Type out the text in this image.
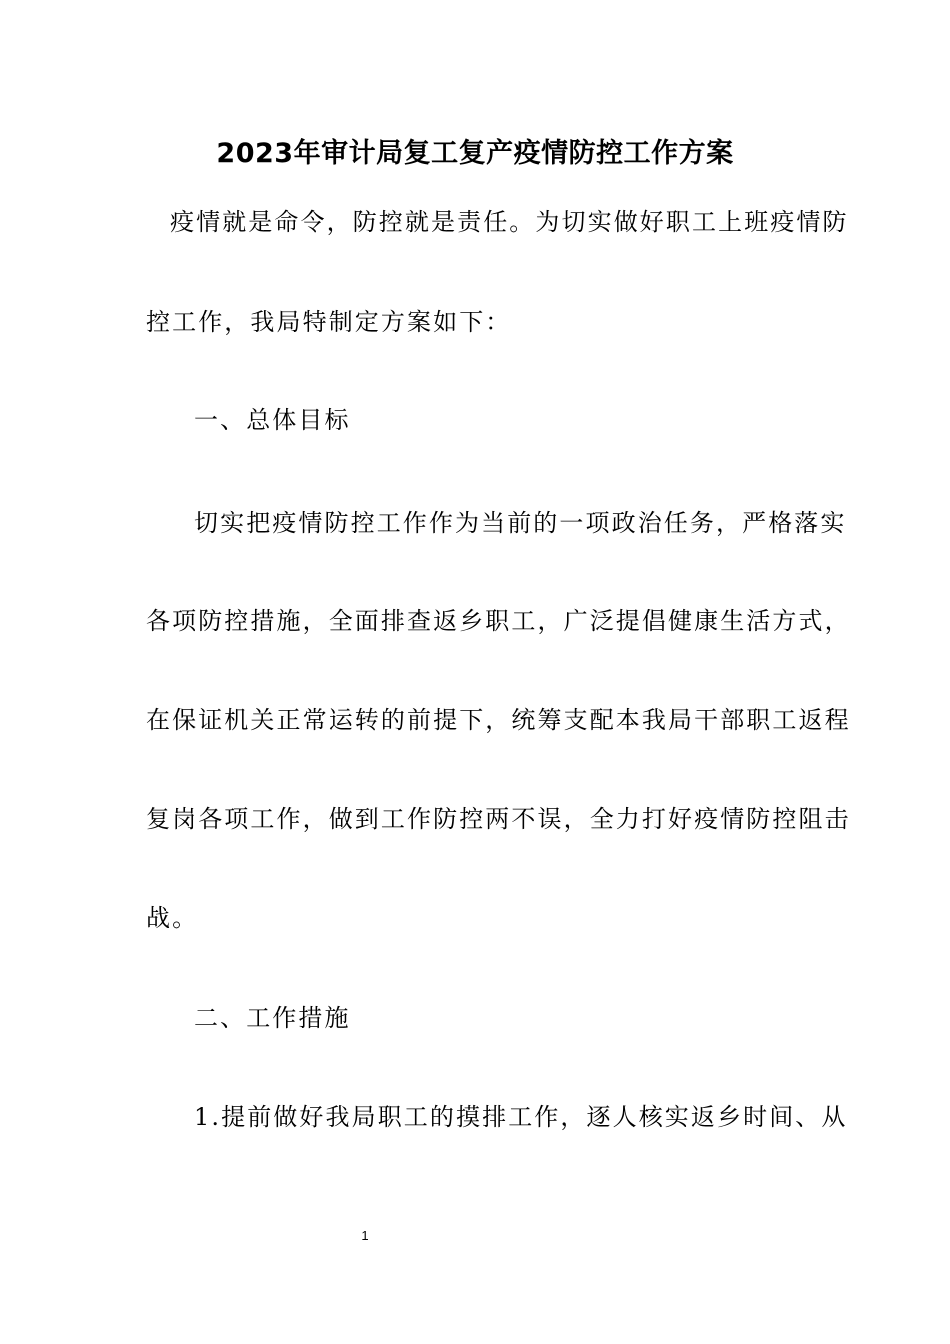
2023年审计局复工复产疫情防控工作方案
疫情就是命令，防控就是责任。为切实做好职工上班疫情防
控工作，我局特制定方案如下：
一、总体目标
切实把疫情防控工作作为当前的一项政治任务，严格落实
各项防控措施，全面排查返乡职工，广泛提倡健康生活方式，
在保证机关正常运转的前提下，统筹支配本我局干部职工返程
复岗各项工作，做到工作防控两不误，全力打好疫情防控阻击
战。
二、工作措施
1.提前做好我局职工的摸排工作，逐人核实返乡时间、从
1
